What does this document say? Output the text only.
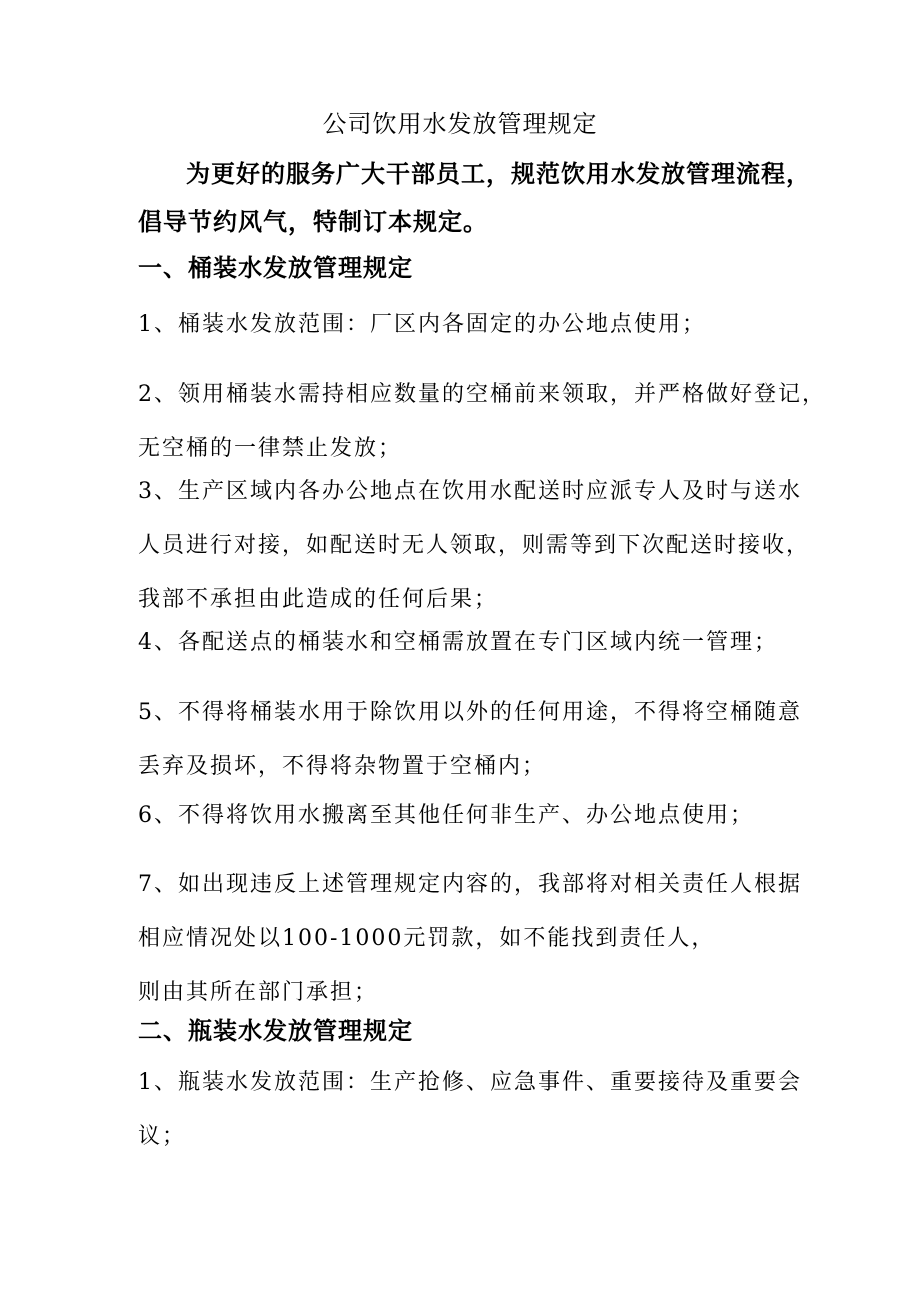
公司饮用水发放管理规定

为更好的服务广大干部员工，规范饮用水发放管理流程，
倡导节约风气，特制订本规定。

一、桶装水发放管理规定

1、桶装水发放范围：厂区内各固定的办公地点使用；

2、领用桶装水需持相应数量的空桶前来领取，并严格做好登记，
无空桶的一律禁止发放；

3、生产区域内各办公地点在饮用水配送时应派专人及时与送水
人员进行对接，如配送时无人领取，则需等到下次配送时接收，
我部不承担由此造成的任何后果；

4、各配送点的桶装水和空桶需放置在专门区域内统一管理；

5、不得将桶装水用于除饮用以外的任何用途，不得将空桶随意
丢弃及损坏，不得将杂物置于空桶内；

6、不得将饮用水搬离至其他任何非生产、办公地点使用；

7、如出现违反上述管理规定内容的，我部将对相关责任人根据
相应情况处以100-1000元罚款，如不能找到责任人，
则由其所在部门承担；

二、瓶装水发放管理规定

1、瓶装水发放范围：生产抢修、应急事件、重要接待及重要会
议；
